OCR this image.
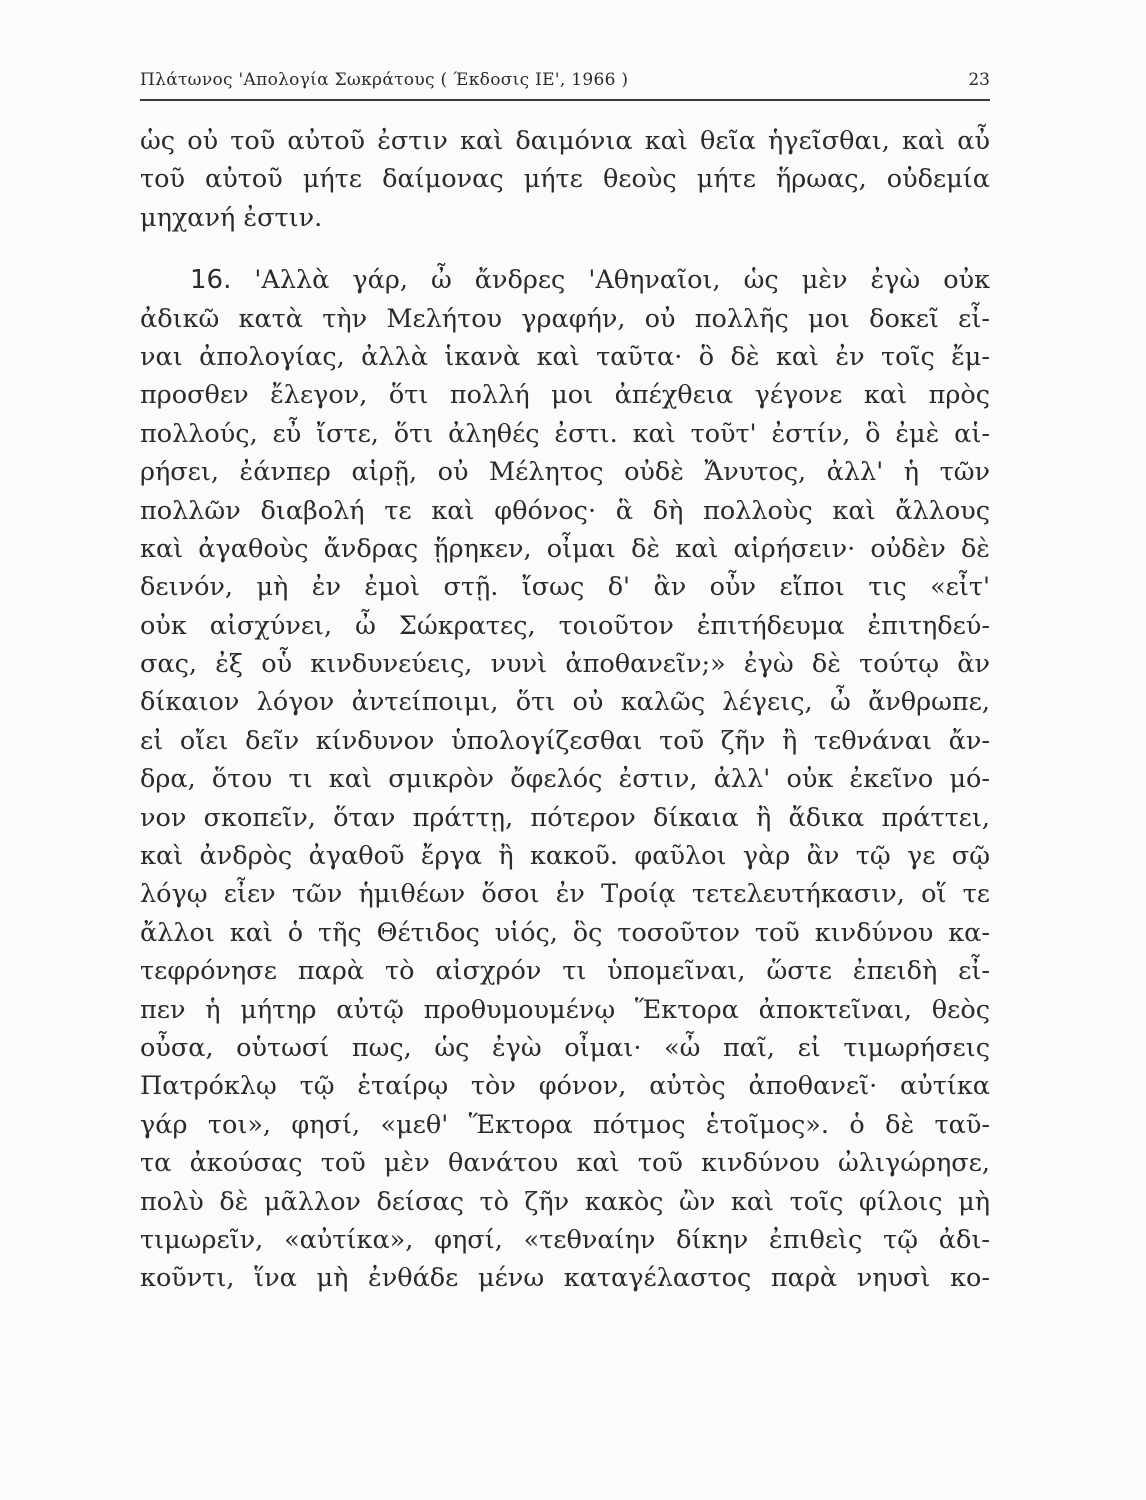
Πλάτωνος 'Απολογία Σωκράτους ( Έκδοσις ΙΕ', 1966 )	23
ὡς οὐ τοῦ αὐτοῦ ἐστιν καὶ δαιμόνια καὶ θεῖα ἡγεῖσθαι, καὶ αὖ
τοῦ αὐτοῦ μήτε δαίμονας μήτε θεοὺς μήτε ἥρωας, οὐδεμία
μηχανή ἐστιν.
16. 'Αλλὰ γάρ, ὦ ἄνδρες 'Αθηναῖοι, ὡς μὲν ἐγὼ οὐκ
ἀδικῶ κατὰ τὴν Μελήτου γραφήν, οὐ πολλῆς μοι δοκεῖ εἶ-
ναι ἀπολογίας, ἀλλὰ ἱκανὰ καὶ ταῦτα· ὃ δὲ καὶ ἐν τοῖς ἔμ-
προσθεν ἔλεγον, ὅτι πολλή μοι ἀπέχθεια γέγονε καὶ πρὸς
πολλούς, εὖ ἴστε, ὅτι ἀληθές ἐστι. καὶ τοῦτ' ἐστίν, ὃ ἐμὲ αἱ-
ρήσει, ἐάνπερ αἱρῇ, οὐ Μέλητος οὐδὲ Ἄνυτος, ἀλλ' ἡ τῶν
πολλῶν διαβολή τε καὶ φθόνος· ἃ δὴ πολλοὺς καὶ ἄλλους
καὶ ἀγαθοὺς ἄνδρας ᾕρηκεν, οἶμαι δὲ καὶ αἱρήσειν· οὐδὲν δὲ
δεινόν, μὴ ἐν ἐμοὶ στῇ. ἴσως δ' ἂν οὖν εἴποι τις «εἶτ'
οὐκ αἰσχύνει, ὦ Σώκρατες, τοιοῦτον ἐπιτήδευμα ἐπιτηδεύ-
σας, ἐξ οὗ κινδυνεύεις, νυνὶ ἀποθανεῖν;» ἐγὼ δὲ τούτῳ ἂν
δίκαιον λόγον ἀντείποιμι, ὅτι οὐ καλῶς λέγεις, ὦ ἄνθρωπε,
εἰ οἴει δεῖν κίνδυνον ὑπολογίζεσθαι τοῦ ζῆν ἢ τεθνάναι ἄν-
δρα, ὅτου τι καὶ σμικρὸν ὄφελός ἐστιν, ἀλλ' οὐκ ἐκεῖνο μό-
νον σκοπεῖν, ὅταν πράττῃ, πότερον δίκαια ἢ ἄδικα πράττει,
καὶ ἀνδρὸς ἀγαθοῦ ἔργα ἢ κακοῦ. φαῦλοι γὰρ ἂν τῷ γε σῷ
λόγῳ εἶεν τῶν ἡμιθέων ὅσοι ἐν Τροίᾳ τετελευτήκασιν, οἵ τε
ἄλλοι καὶ ὁ τῆς Θέτιδος υἱός, ὃς τοσοῦτον τοῦ κινδύνου κα-
τεφρόνησε παρὰ τὸ αἰσχρόν τι ὑπομεῖναι, ὥστε ἐπειδὴ εἶ-
πεν ἡ μήτηρ αὐτῷ προθυμουμένῳ Ἕκτορα ἀποκτεῖναι, θεὸς
οὖσα, οὑτωσί πως, ὡς ἐγὼ οἶμαι· «ὦ παῖ, εἰ τιμωρήσεις
Πατρόκλῳ τῷ ἑταίρῳ τὸν φόνον, αὐτὸς ἀποθανεῖ· αὐτίκα
γάρ τοι», φησί, «μεθ' Ἕκτορα πότμος ἑτοῖμος». ὁ δὲ ταῦ-
τα ἀκούσας τοῦ μὲν θανάτου καὶ τοῦ κινδύνου ὠλιγώρησε,
πολὺ δὲ μᾶλλον δείσας τὸ ζῆν κακὸς ὢν καὶ τοῖς φίλοις μὴ
τιμωρεῖν, «αὐτίκα», φησί, «τεθναίην δίκην ἐπιθεὶς τῷ ἀδι-
κοῦντι, ἵνα μὴ ἐνθάδε μένω καταγέλαστος παρὰ νηυσὶ κο-
